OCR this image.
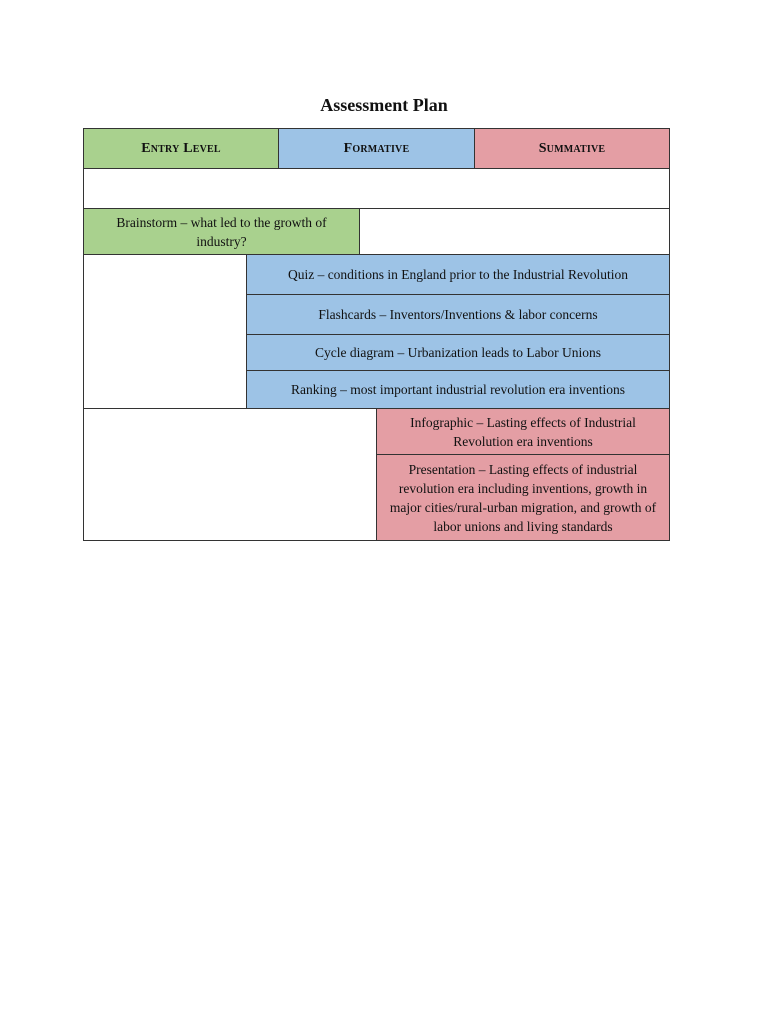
Assessment Plan
Entry Level	Formative	Summative
Brainstorm – what led to the growth of industry?
Quiz – conditions in England prior to the Industrial Revolution
Flashcards – Inventors/Inventions & labor concerns
Cycle diagram – Urbanization leads to Labor Unions
Ranking – most important industrial revolution era inventions
Infographic – Lasting effects of Industrial Revolution era inventions
Presentation – Lasting effects of industrial revolution era including inventions, growth in major cities/rural-urban migration, and growth of labor unions and living standards
